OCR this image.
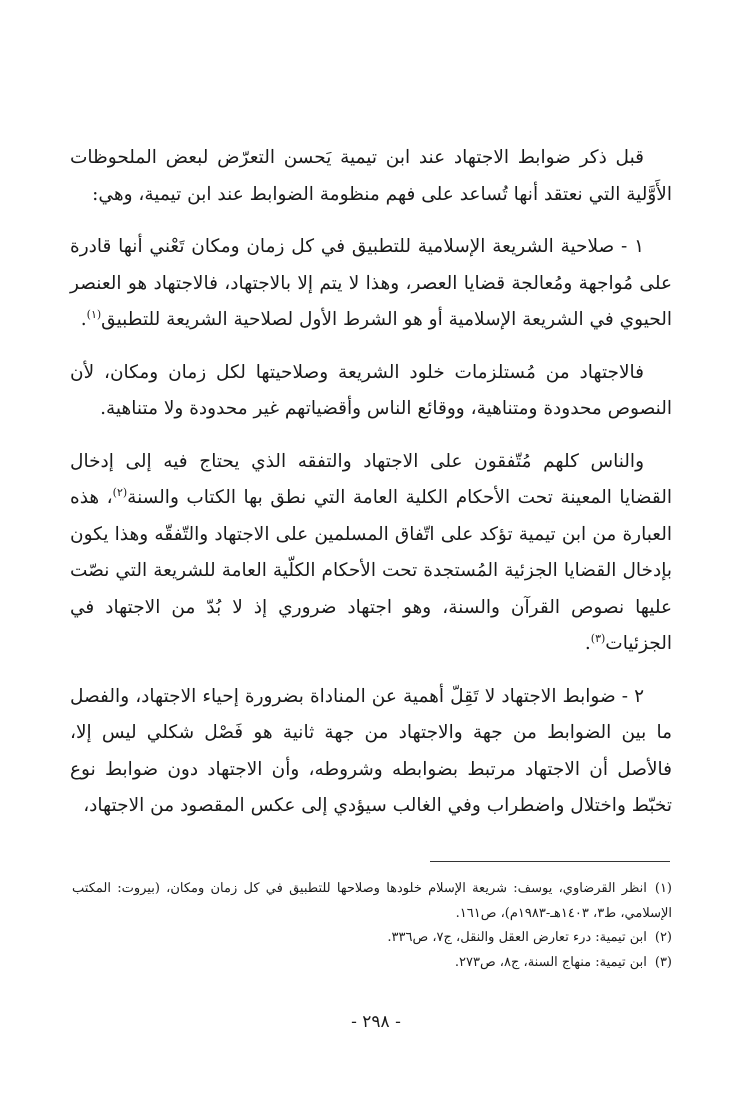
قبل ذكر ضوابط الاجتهاد عند ابن تيمية يَحسن التعرّض لبعض الملحوظات الأَوَّلية التي نعتقد أنها تُساعد على فهم منظومة الضوابط عند ابن تيمية، وهي:

١ - صلاحية الشريعة الإسلامية للتطبيق في كل زمان ومكان تَعْني أنها قادرة على مُواجهة ومُعالجة قضايا العصر، وهذا لا يتم إلا بالاجتهاد، فالاجتهاد هو العنصر الحيوي في الشريعة الإسلامية أو هو الشرط الأول لصلاحية الشريعة للتطبيق$^{(١)}$.

فالاجتهاد من مُستلزمات خلود الشريعة وصلاحيتها لكل زمان ومكان، لأن النصوص محدودة ومتناهية، ووقائع الناس وأقضياتهم غير محدودة ولا متناهية.

والناس كلهم مُتّفقون على الاجتهاد والتفقه الذي يحتاج فيه إلى إدخال القضايا المعينة تحت الأحكام الكلية العامة التي نطق بها الكتاب والسنة$^{(٢)}$، هذه العبارة من ابن تيمية تؤكد على اتّفاق المسلمين على الاجتهاد والتّفقّه وهذا يكون بإدخال القضايا الجزئية المُستجدة تحت الأحكام الكلّية العامة للشريعة التي نصّت عليها نصوص القرآن والسنة، وهو اجتهاد ضروري إذ لا بُدّ من الاجتهاد في الجزئيات$^{(٣)}$.

٢ - ضوابط الاجتهاد لا تَقِلّ أهمية عن المناداة بضرورة إحياء الاجتهاد، والفصل ما بين الضوابط من جهة والاجتهاد من جهة ثانية هو فَصْل شكلي ليس إلا، فالأصل أن الاجتهاد مرتبط بضوابطه وشروطه، وأن الاجتهاد دون ضوابط نوع تخبّط واختلال واضطراب وفي الغالب سيؤدي إلى عكس المقصود من الاجتهاد،

(١)انظر القرضاوي، يوسف: شريعة الإسلام خلودها وصلاحها للتطبيق في كل زمان ومكان، (بيروت: المكتب الإسلامي، ط٣، ١٤٠٣هـ-١٩٨٣م)، ص١٦١.

(٢)ابن تيمية: درء تعارض العقل والنقل، ج٧، ص٣٣٦.

(٣)ابن تيمية: منهاج السنة، ج٨، ص٢٧٣.

- ٢٩٨ -
